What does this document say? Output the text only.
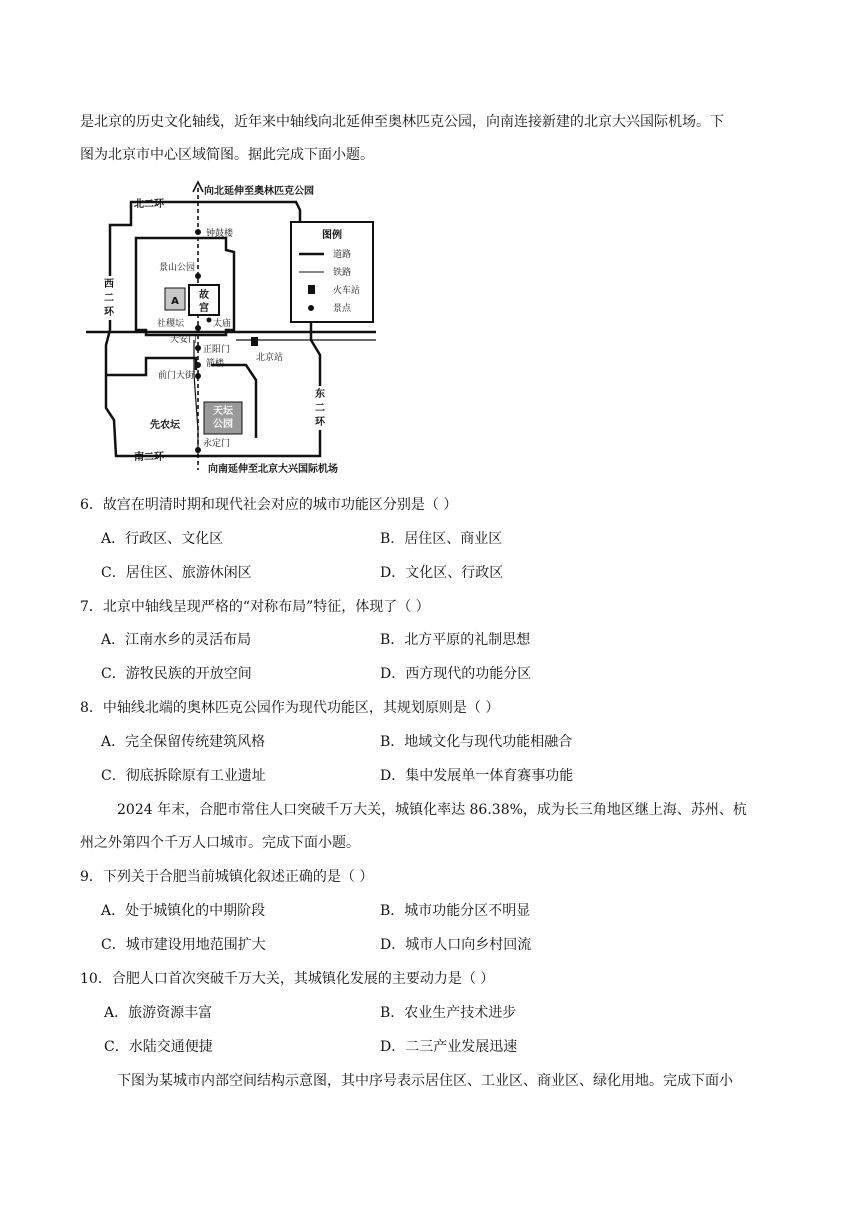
是北京的历史文化轴线，近年来中轴线向北延伸至奥林匹克公园，向南连接新建的北京大兴国际机场。下
图为北京市中心区域简图。据此完成下面小题。
故
宫
A
天坛
公园
向北延伸至奥林匹克公园
北二环
钟鼓楼
景山公园
社稷坛	太庙
天安门
正阳门
箭楼
前门大街
北京站
先农坛
永定门
南二环
向南延伸至北京大兴国际机场
西
二
环
东
二
环
图例
道路
铁路
火车站
景点
6．故宫在明清时期和现代社会对应的城市功能区分别是（ ）
A．行政区、文化区	B．居住区、商业区
C．居住区、旅游休闲区	D．文化区、行政区
7．北京中轴线呈现严格的“对称布局”特征，体现了（ ）
A．江南水乡的灵活布局	B．北方平原的礼制思想
C．游牧民族的开放空间	D．西方现代的功能分区
8．中轴线北端的奥林匹克公园作为现代功能区，其规划原则是（ ）
A．完全保留传统建筑风格	B．地域文化与现代功能相融合
C．彻底拆除原有工业遗址	D．集中发展单一体育赛事功能
2024 年末，合肥市常住人口突破千万大关，城镇化率达 86.38%，成为长三角地区继上海、苏州、杭
州之外第四个千万人口城市。完成下面小题。
9．下列关于合肥当前城镇化叙述正确的是（ ）
A．处于城镇化的中期阶段	B．城市功能分区不明显
C．城市建设用地范围扩大	D．城市人口向乡村回流
10．合肥人口首次突破千万大关，其城镇化发展的主要动力是（ ）
A．旅游资源丰富	B．农业生产技术进步
C．水陆交通便捷	D．二三产业发展迅速
下图为某城市内部空间结构示意图，其中序号表示居住区、工业区、商业区、绿化用地。完成下面小
